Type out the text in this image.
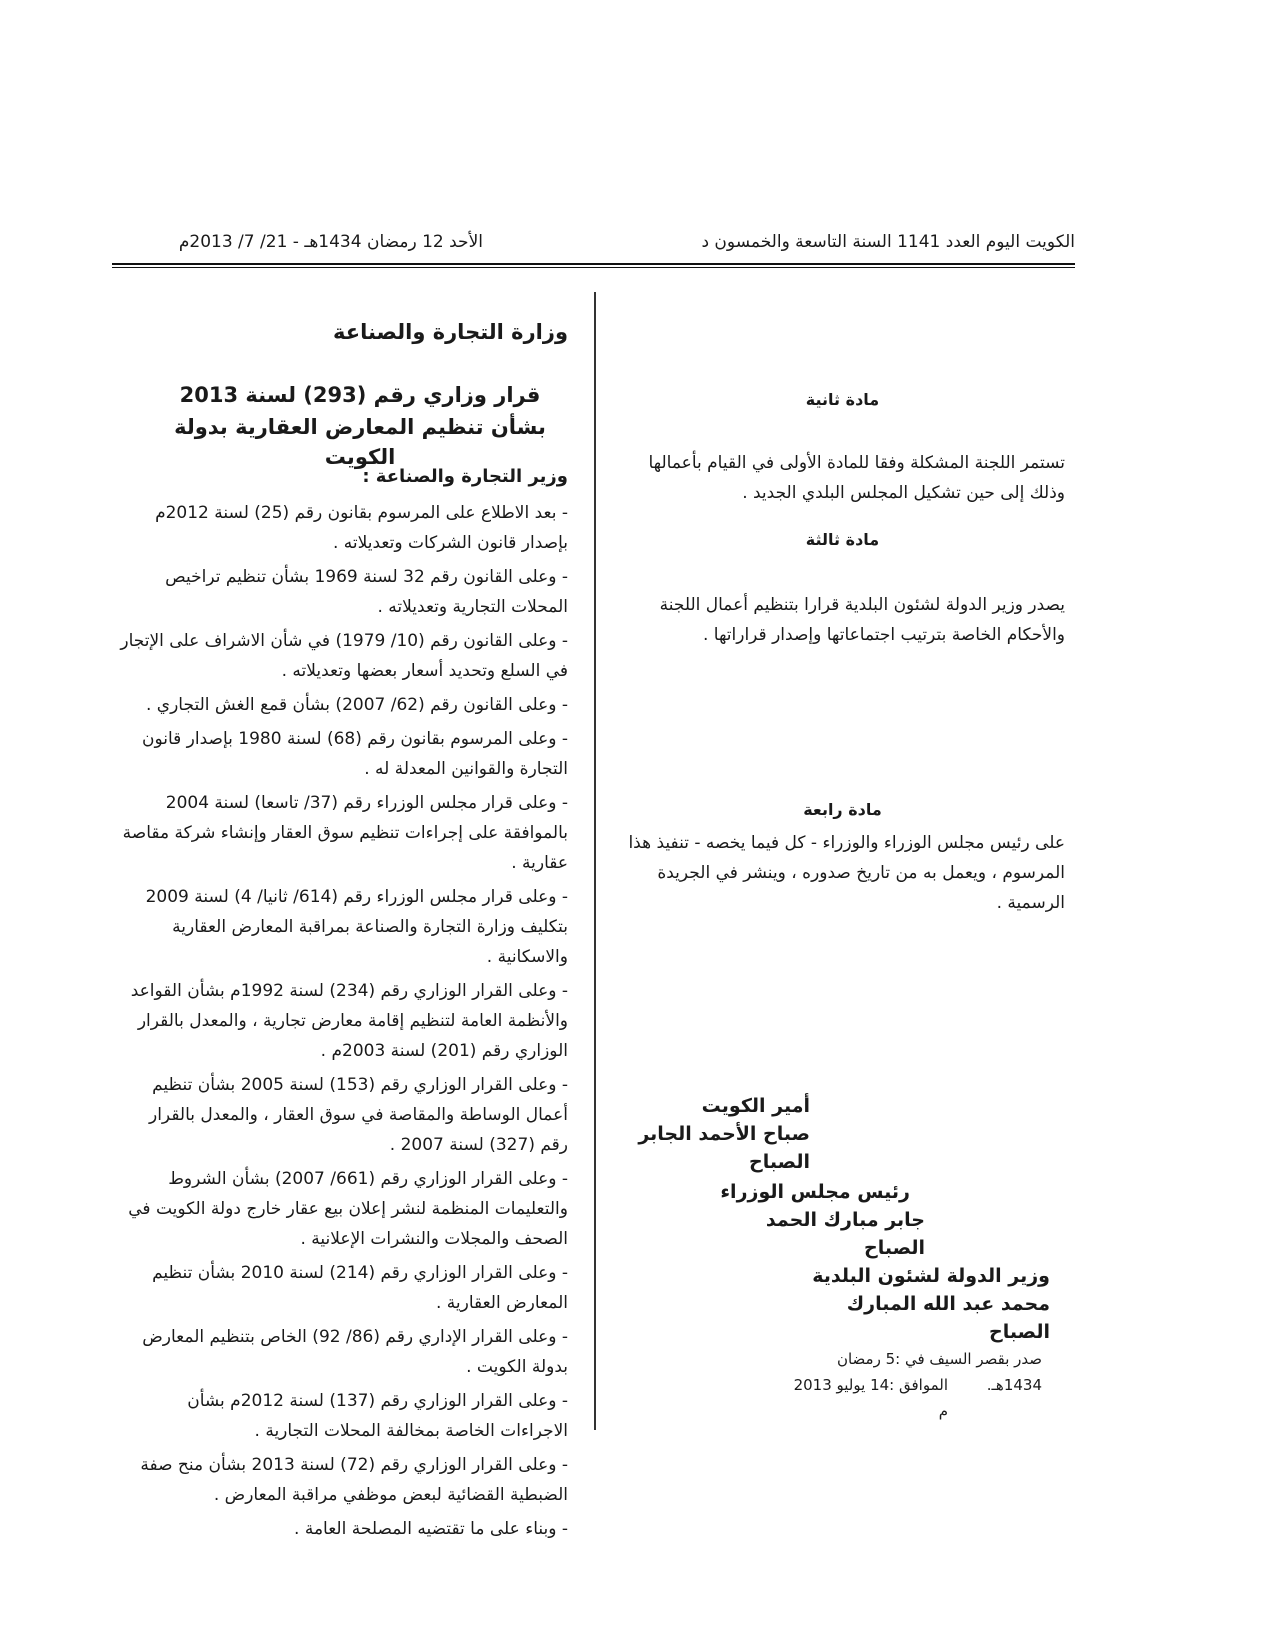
الكويت اليوم العدد 1141 السنة التاسعة والخمسون د
الأحد 12 رمضان 1434هـ - 21/ 7/ 2013م
مادة ثانية
تستمر اللجنة المشكلة وفقا للمادة الأولى في القيام بأعمالها وذلك إلى حين تشكيل المجلس البلدي الجديد .
مادة ثالثة
يصدر وزير الدولة لشئون البلدية قرارا بتنظيم أعمال اللجنة والأحكام الخاصة بترتيب اجتماعاتها وإصدار قراراتها .
مادة رابعة
على رئيس مجلس الوزراء والوزراء - كل فيما يخصه - تنفيذ هذا المرسوم ، ويعمل به من تاريخ صدوره ، وينشر في الجريدة الرسمية .
أمير الكويت
صباح الأحمد الجابر الصباح
رئيس مجلس الوزراء
جابر مبارك الحمد الصباح
وزير الدولة لشئون البلدية
محمد عبد الله المبارك الصباح
صدر بقصر السيف في :5 رمضان 1434هـ.
الموافق :14 يوليو 2013 م
وزارة التجارة والصناعة
قرار وزاري رقم (293) لسنة 2013
بشأن تنظيم المعارض العقارية بدولة الكويت
وزير التجارة والصناعة :

- بعد الاطلاع على المرسوم بقانون رقم (25) لسنة 2012م بإصدار قانون الشركات وتعديلاته .

- وعلى القانون رقم 32 لسنة 1969 بشأن تنظيم تراخيص المحلات التجارية وتعديلاته .

- وعلى القانون رقم (10/ 1979) في شأن الاشراف على الإتجار في السلع وتحديد أسعار بعضها وتعديلاته .

- وعلى القانون رقم (62/ 2007) بشأن قمع الغش التجاري .

- وعلى المرسوم بقانون رقم (68) لسنة 1980 بإصدار قانون التجارة والقوانين المعدلة له .

- وعلى قرار مجلس الوزراء رقم (37/ تاسعا) لسنة 2004 بالموافقة على إجراءات تنظيم سوق العقار وإنشاء شركة مقاصة عقارية .

- وعلى قرار مجلس الوزراء رقم (614/ ثانيا/ 4) لسنة 2009 بتكليف وزارة التجارة والصناعة بمراقبة المعارض العقارية والاسكانية .

- وعلى القرار الوزاري رقم (234) لسنة 1992م بشأن القواعد والأنظمة العامة لتنظيم إقامة معارض تجارية ، والمعدل بالقرار الوزاري رقم (201) لسنة 2003م .

- وعلى القرار الوزاري رقم (153) لسنة 2005 بشأن تنظيم أعمال الوساطة والمقاصة في سوق العقار ، والمعدل بالقرار رقم (327) لسنة 2007 .

- وعلى القرار الوزاري رقم (661/ 2007) بشأن الشروط والتعليمات المنظمة لنشر إعلان بيع عقار خارج دولة الكويت في الصحف والمجلات والنشرات الإعلانية .

- وعلى القرار الوزاري رقم (214) لسنة 2010 بشأن تنظيم المعارض العقارية .

- وعلى القرار الإداري رقم (86/ 92) الخاص بتنظيم المعارض بدولة الكويت .

- وعلى القرار الوزاري رقم (137) لسنة 2012م بشأن الاجراءات الخاصة بمخالفة المحلات التجارية .

- وعلى القرار الوزاري رقم (72) لسنة 2013 بشأن منح صفة الضبطية القضائية لبعض موظفي مراقبة المعارض .

- وبناء على ما تقتضيه المصلحة العامة .
